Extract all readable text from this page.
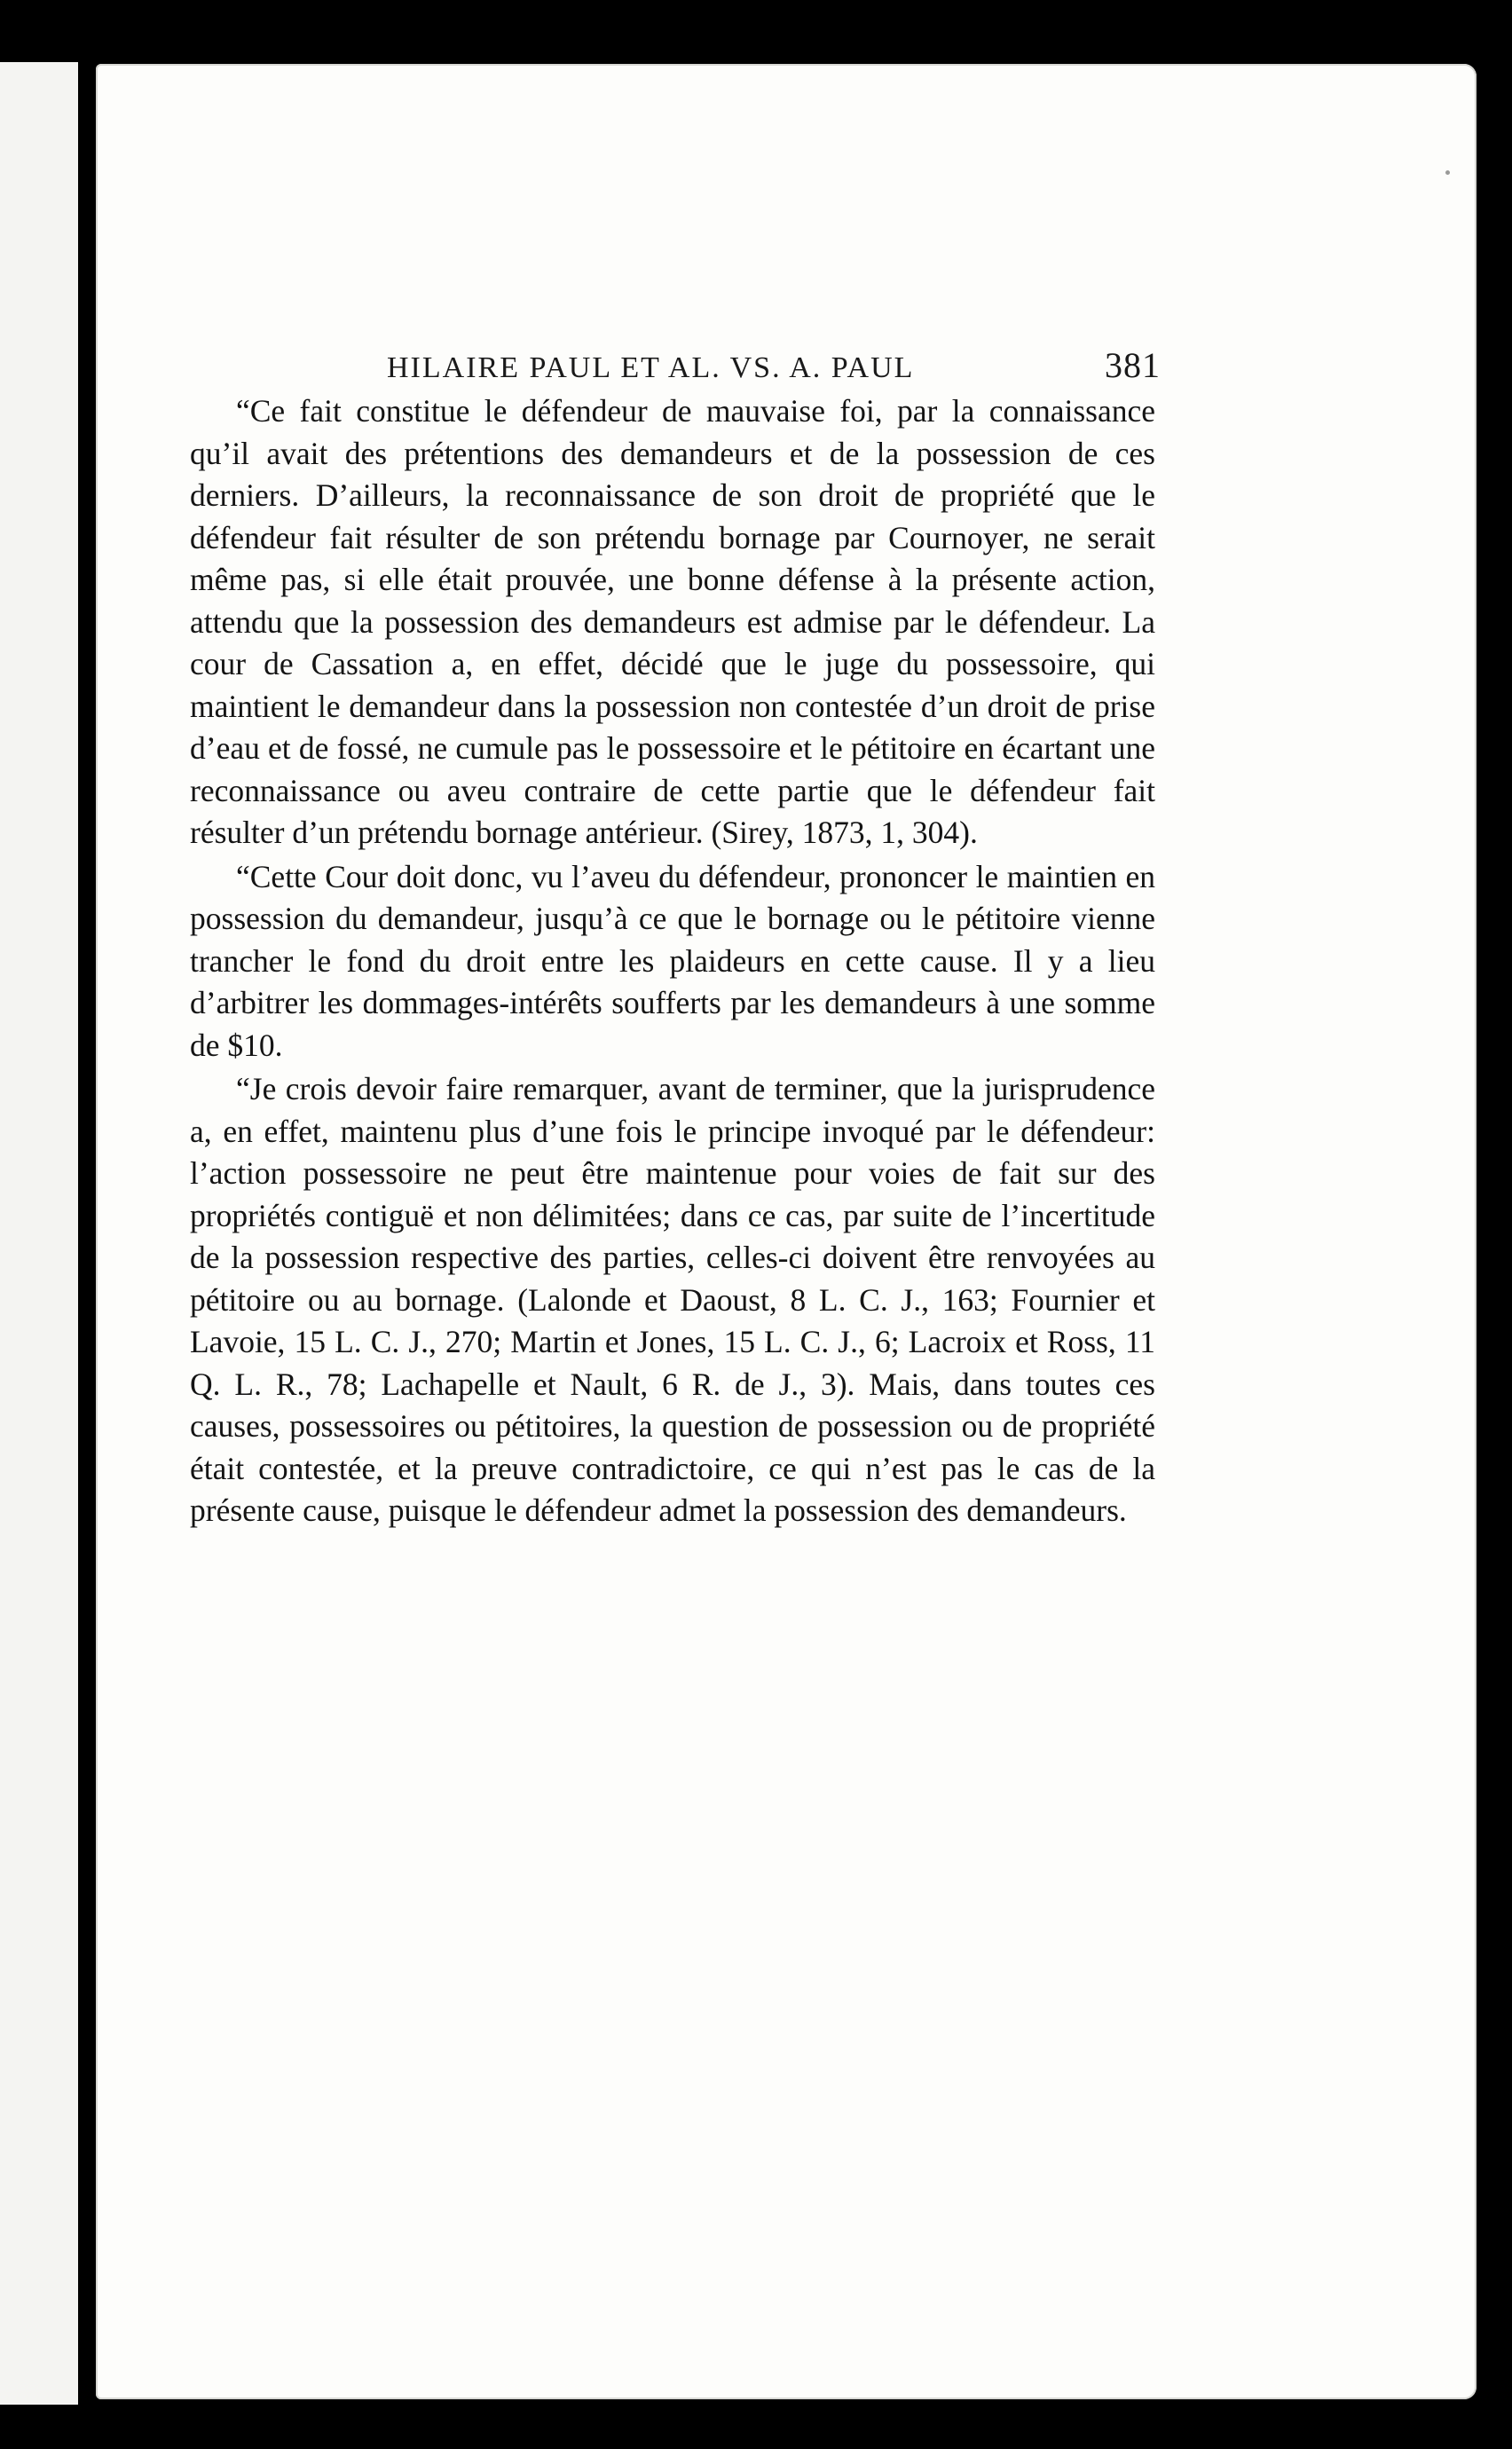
HILAIRE PAUL ET AL. VS. A. PAUL	381

“Ce fait constitue le défendeur de mauvaise foi, par la connaissance qu’il avait des prétentions des demandeurs et de la possession de ces derniers. D’ailleurs, la reconnaissance de son droit de propriété que le défendeur fait résulter de son prétendu bornage par Cournoyer, ne serait même pas, si elle était prouvée, une bonne défense à la présente action, attendu que la possession des demandeurs est admise par le défendeur. La cour de Cassation a, en effet, décidé que le juge du possessoire, qui maintient le demandeur dans la possession non contestée d’un droit de prise d’eau et de fossé, ne cumule pas le possessoire et le pétitoire en écartant une reconnaissance ou aveu contraire de cette partie que le défendeur fait résulter d’un prétendu bornage antérieur. (Sirey, 1873, 1, 304).

“Cette Cour doit donc, vu l’aveu du défendeur, prononcer le maintien en possession du demandeur, jusqu’à ce que le bornage ou le pétitoire vienne trancher le fond du droit entre les plaideurs en cette cause. Il y a lieu d’arbitrer les dommages-intérêts soufferts par les demandeurs à une somme de $10.

“Je crois devoir faire remarquer, avant de terminer, que la jurisprudence a, en effet, maintenu plus d’une fois le principe invoqué par le défendeur: l’action possessoire ne peut être maintenue pour voies de fait sur des propriétés contiguë et non délimitées; dans ce cas, par suite de l’incertitude de la possession respective des parties, celles-ci doivent être renvoyées au pétitoire ou au bornage. (Lalonde et Daoust, 8 L. C. J., 163; Fournier et Lavoie, 15 L. C. J., 270; Martin et Jones, 15 L. C. J., 6; Lacroix et Ross, 11 Q. L. R., 78; Lachapelle et Nault, 6 R. de J., 3). Mais, dans toutes ces causes, possessoires ou pétitoires, la question de possession ou de propriété était contestée, et la preuve contradictoire, ce qui n’est pas le cas de la présente cause, puisque le défendeur admet la possession des demandeurs.
